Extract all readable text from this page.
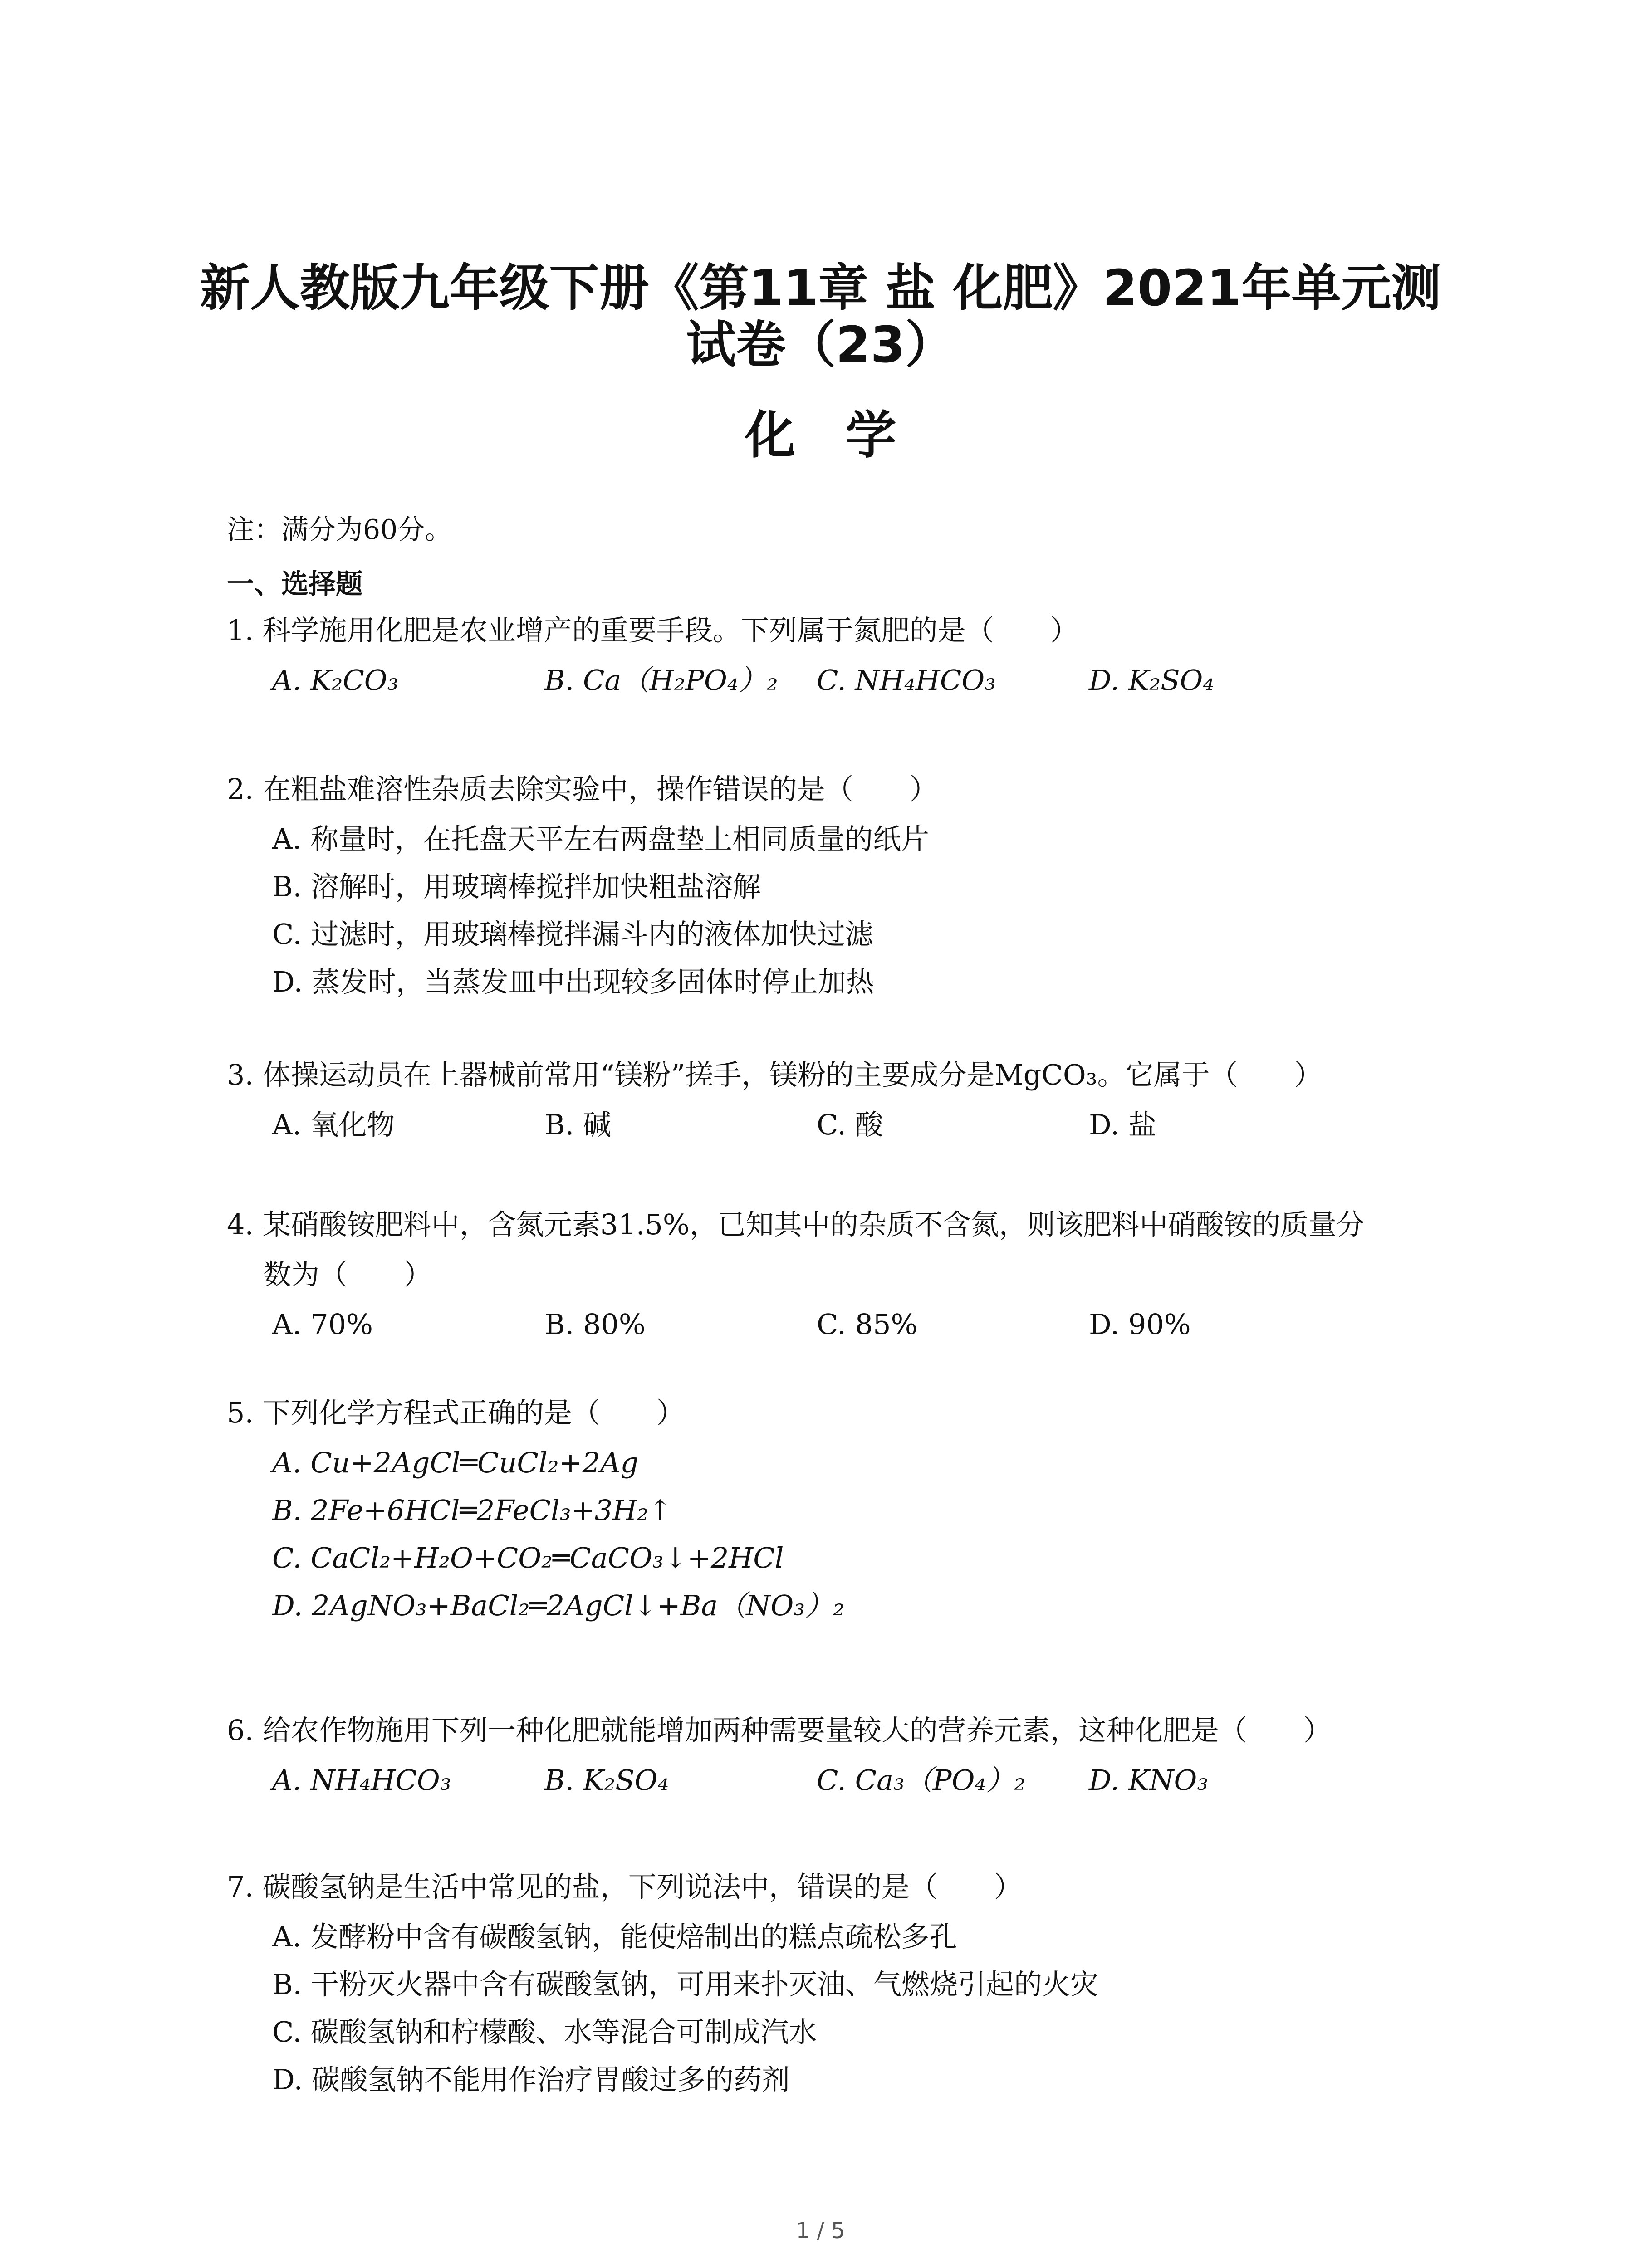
新人教版九年级下册《第11章 盐 化肥》2021年单元测
试卷（23）
化学
注：满分为60分。
一、选择题
1. 科学施用化肥是农业增产的重要手段。下列属于氮肥的是（　　）
A. K₂CO₃	B. Ca（H₂PO₄）₂	C. NH₄HCO₃	D. K₂SO₄
2. 在粗盐难溶性杂质去除实验中，操作错误的是（　　）
A. 称量时，在托盘天平左右两盘垫上相同质量的纸片
B. 溶解时，用玻璃棒搅拌加快粗盐溶解
C. 过滤时，用玻璃棒搅拌漏斗内的液体加快过滤
D. 蒸发时，当蒸发皿中出现较多固体时停止加热
3. 体操运动员在上器械前常用“镁粉”搓手，镁粉的主要成分是MgCO₃。它属于（　　）
A. 氧化物	B. 碱	C. 酸	D. 盐
4. 某硝酸铵肥料中，含氮元素31.5%，已知其中的杂质不含氮，则该肥料中硝酸铵的质量分
数为（　　）
A. 70%	B. 80%	C. 85%	D. 90%
5. 下列化学方程式正确的是（　　）
A. Cu+2AgCl═CuCl₂+2Ag
B. 2Fe+6HCl═2FeCl₃+3H₂↑
C. CaCl₂+H₂O+CO₂═CaCO₃↓+2HCl
D. 2AgNO₃+BaCl₂═2AgCl↓+Ba（NO₃）₂
6. 给农作物施用下列一种化肥就能增加两种需要量较大的营养元素，这种化肥是（　　）
A. NH₄HCO₃	B. K₂SO₄	C. Ca₃（PO₄）₂	D. KNO₃
7. 碳酸氢钠是生活中常见的盐，下列说法中，错误的是（　　）
A. 发酵粉中含有碳酸氢钠，能使焙制出的糕点疏松多孔
B. 干粉灭火器中含有碳酸氢钠，可用来扑灭油、气燃烧引起的火灾
C. 碳酸氢钠和柠檬酸、水等混合可制成汽水
D. 碳酸氢钠不能用作治疗胃酸过多的药剂
1 / 5
